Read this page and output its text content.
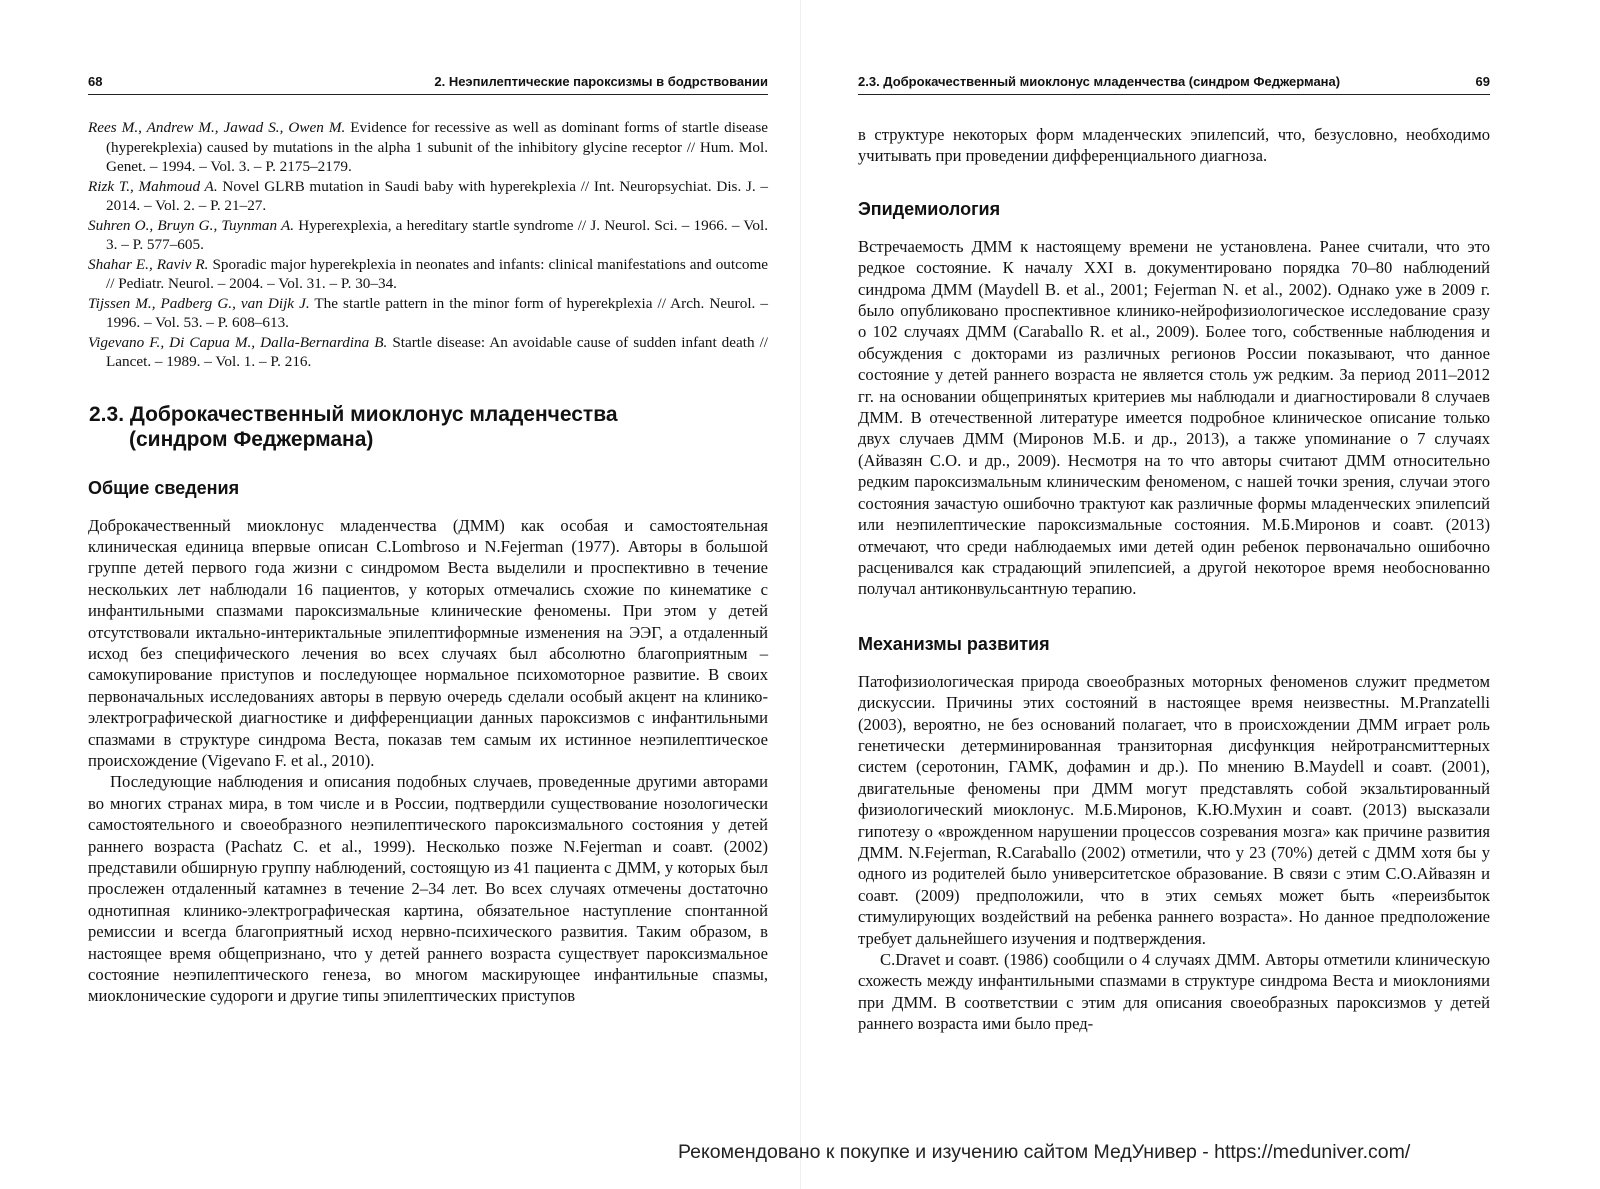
68	2. Неэпилептические пароксизмы в бодрствовании

Rees M., Andrew M., Jawad S., Owen M. Evidence for recessive as well as dominant forms of startle disease (hyperekplexia) caused by mutations in the alpha 1 subunit of the inhibitory glycine receptor // Hum. Mol. Genet. – 1994. – Vol. 3. – P. 2175–2179.

Rizk T., Mahmoud A. Novel GLRB mutation in Saudi baby with hyperekplexia // Int. Neuropsychiat. Dis. J. – 2014. – Vol. 2. – P. 21–27.

Suhren O., Bruyn G., Tuynman A. Hyperexplexia, a hereditary startle syndrome // J. Neurol. Sci. – 1966. – Vol. 3. – P. 577–605.

Shahar E., Raviv R. Sporadic major hyperekplexia in neonates and infants: clinical manifestations and outcome // Pediatr. Neurol. – 2004. – Vol. 31. – P. 30–34.

Tijssen M., Padberg G., van Dijk J. The startle pattern in the minor form of hyperekplexia // Arch. Neurol. – 1996. – Vol. 53. – P. 608–613.

Vigevano F., Di Capua M., Dalla-Bernardina B. Startle disease: An avoidable cause of sudden infant death // Lancet. – 1989. – Vol. 1. – P. 216.

2.3. Доброкачественный миоклонус младенчества
(синдром Феджермана)
Общие сведения

Доброкачественный миоклонус младенчества (ДММ) как особая и самостоятельная клиническая единица впервые описан C.Lombroso и N.Fejerman (1977). Авторы в большой группе детей первого года жизни с синдромом Веста выделили и проспективно в течение нескольких лет наблюдали 16 пациентов, у которых отмечались схожие по кинематике с инфантильными спазмами пароксизмальные клинические феномены. При этом у детей отсутствовали иктально-интериктальные эпилептиформные изменения на ЭЭГ, а отдаленный исход без специфического лечения во всех случаях был абсолютно благоприятным – самокупирование приступов и последующее нормальное психомоторное развитие. В своих первоначальных исследованиях авторы в первую очередь сделали особый акцент на клинико-электрографической диагностике и дифференциации данных пароксизмов с инфантильными спазмами в структуре синдрома Веста, показав тем самым их истинное неэпилептическое происхождение (Vigevano F. et al., 2010).

Последующие наблюдения и описания подобных случаев, проведенные другими авторами во многих странах мира, в том числе и в России, подтвердили существование нозологически самостоятельного и своеобразного неэпилептического пароксизмального состояния у детей раннего возраста (Pachatz C. et al., 1999). Несколько позже N.Fejerman и соавт. (2002) представили обширную группу наблюдений, состоящую из 41 пациента с ДММ, у которых был прослежен отдаленный катамнез в течение 2–34 лет. Во всех случаях отмечены достаточно однотипная клинико-электрографическая картина, обязательное наступление спонтанной ремиссии и всегда благоприятный исход нервно-психического развития. Таким образом, в настоящее время общепризнано, что у детей раннего возраста существует пароксизмальное состояние неэпилептического генеза, во многом маскирующее инфантильные спазмы, миоклонические судороги и другие типы эпилептических приступов

2.3. Доброкачественный миоклонус младенчества (синдром Феджермана)	69

в структуре некоторых форм младенческих эпилепсий, что, безусловно, необходимо учитывать при проведении дифференциального диагноза.

Эпидемиология

Встречаемость ДММ к настоящему времени не установлена. Ранее считали, что это редкое состояние. К началу XXI в. документировано порядка 70–80 наблюдений синдрома ДММ (Maydell B. et al., 2001; Fejerman N. et al., 2002). Однако уже в 2009 г. было опубликовано проспективное клинико-нейрофизиологическое исследование сразу о 102 случаях ДММ (Caraballo R. et al., 2009). Более того, собственные наблюдения и обсуждения с докторами из различных регионов России показывают, что данное состояние у детей раннего возраста не является столь уж редким. За период 2011–2012 гг. на основании общепринятых критериев мы наблюдали и диагностировали 8 случаев ДММ. В отечественной литературе имеется подробное клиническое описание только двух случаев ДММ (Миронов М.Б. и др., 2013), а также упоминание о 7 случаях (Айвазян С.О. и др., 2009). Несмотря на то что авторы считают ДММ относительно редким пароксизмальным клиническим феноменом, с нашей точки зрения, случаи этого состояния зачастую ошибочно трактуют как различные формы младенческих эпилепсий или неэпилептические пароксизмальные состояния. М.Б.Миронов и соавт. (2013) отмечают, что среди наблюдаемых ими детей один ребенок первоначально ошибочно расценивался как страдающий эпилепсией, а другой некоторое время необоснованно получал антиконвульсантную терапию.

Механизмы развития

Патофизиологическая природа своеобразных моторных феноменов служит предметом дискуссии. Причины этих состояний в настоящее время неизвестны. M.Pranzatelli (2003), вероятно, не без оснований полагает, что в происхождении ДММ играет роль генетически детерминированная транзиторная дисфункция нейротрансмиттерных систем (серотонин, ГАМК, дофамин и др.). По мнению B.Maydell и соавт. (2001), двигательные феномены при ДММ могут представлять собой экзальтированный физиологический миоклонус. М.Б.Миронов, К.Ю.Мухин и соавт. (2013) высказали гипотезу о «врожденном нарушении процессов созревания мозга» как причине развития ДММ. N.Fejerman, R.Caraballo (2002) отметили, что у 23 (70%) детей с ДММ хотя бы у одного из родителей было университетское образование. В связи с этим С.О.Айвазян и соавт. (2009) предположили, что в этих семьях может быть «переизбыток стимулирующих воздействий на ребенка раннего возраста». Но данное предположение требует дальнейшего изучения и подтверждения.

C.Dravet и соавт. (1986) сообщили о 4 случаях ДММ. Авторы отметили клиническую схожесть между инфантильными спазмами в структуре синдрома Веста и миоклониями при ДММ. В соответствии с этим для описания своеобразных пароксизмов у детей раннего возраста ими было пред-

Рекомендовано к покупке и изучению сайтом МедУнивер - https://meduniver.com/
